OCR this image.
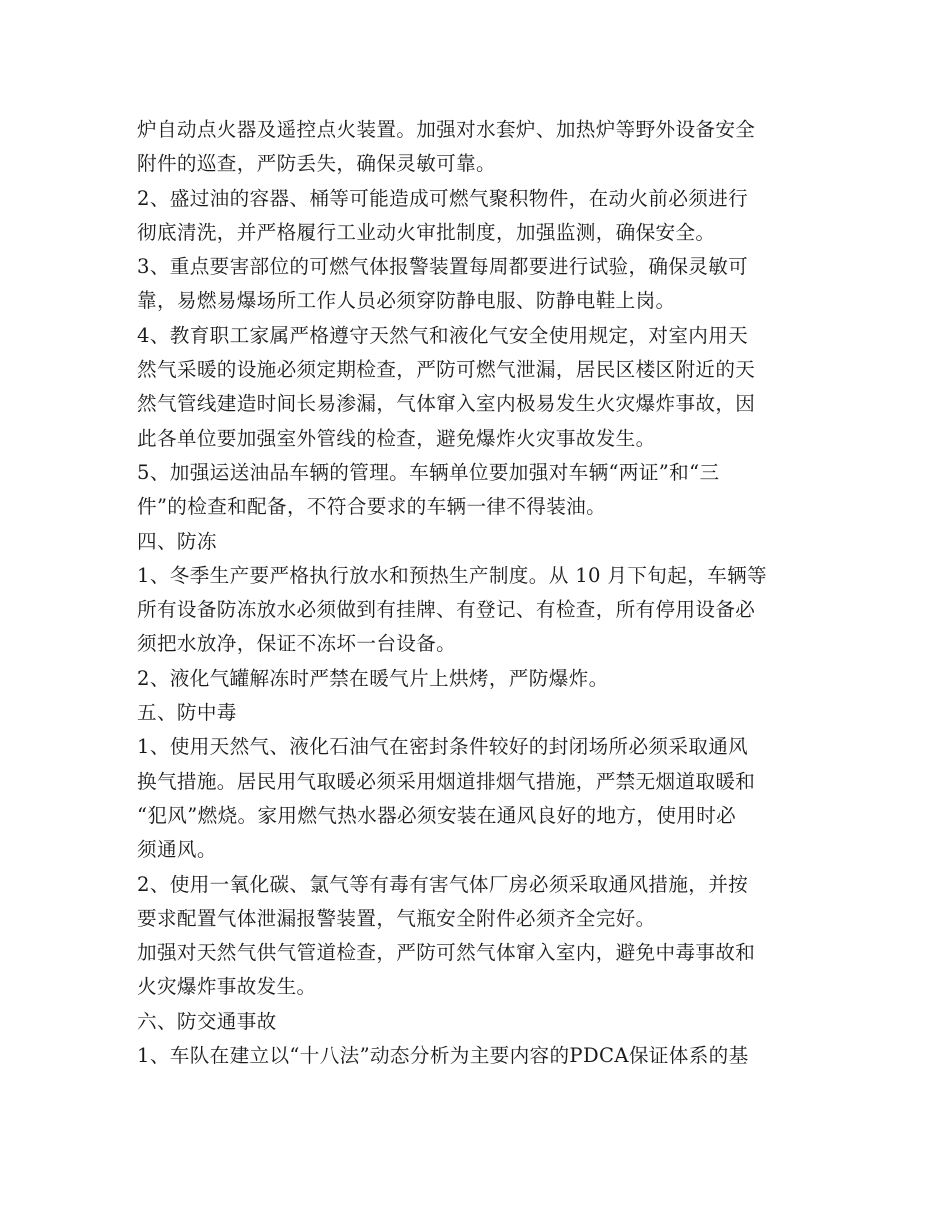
炉自动点火器及遥控点火装置。加强对水套炉、加热炉等野外设备安全
附件的巡查，严防丢失，确保灵敏可靠。
2、盛过油的容器、桶等可能造成可燃气聚积物件，在动火前必须进行
彻底清洗，并严格履行工业动火审批制度，加强监测，确保安全。
3、重点要害部位的可燃气体报警装置每周都要进行试验，确保灵敏可
靠，易燃易爆场所工作人员必须穿防静电服、防静电鞋上岗。
4、教育职工家属严格遵守天然气和液化气安全使用规定，对室内用天
然气采暖的设施必须定期检查，严防可燃气泄漏，居民区楼区附近的天
然气管线建造时间长易渗漏，气体窜入室内极易发生火灾爆炸事故，因
此各单位要加强室外管线的检查，避免爆炸火灾事故发生。
5、加强运送油品车辆的管理。车辆单位要加强对车辆“两证”和“三
件”的检查和配备，不符合要求的车辆一律不得装油。
四、防冻
1、冬季生产要严格执行放水和预热生产制度。从 10 月下旬起，车辆等
所有设备防冻放水必须做到有挂牌、有登记、有检查，所有停用设备必
须把水放净，保证不冻坏一台设备。
2、液化气罐解冻时严禁在暖气片上烘烤，严防爆炸。
五、防中毒
1、使用天然气、液化石油气在密封条件较好的封闭场所必须采取通风
换气措施。居民用气取暖必须采用烟道排烟气措施，严禁无烟道取暖和
“犯风”燃烧。家用燃气热水器必须安装在通风良好的地方，使用时必
须通风。
2、使用一氧化碳、氯气等有毒有害气体厂房必须采取通风措施，并按
要求配置气体泄漏报警装置，气瓶安全附件必须齐全完好。
加强对天然气供气管道检查，严防可然气体窜入室内，避免中毒事故和
火灾爆炸事故发生。
六、防交通事故
1、车队在建立以“十八法”动态分析为主要内容的PDCA保证体系的基
